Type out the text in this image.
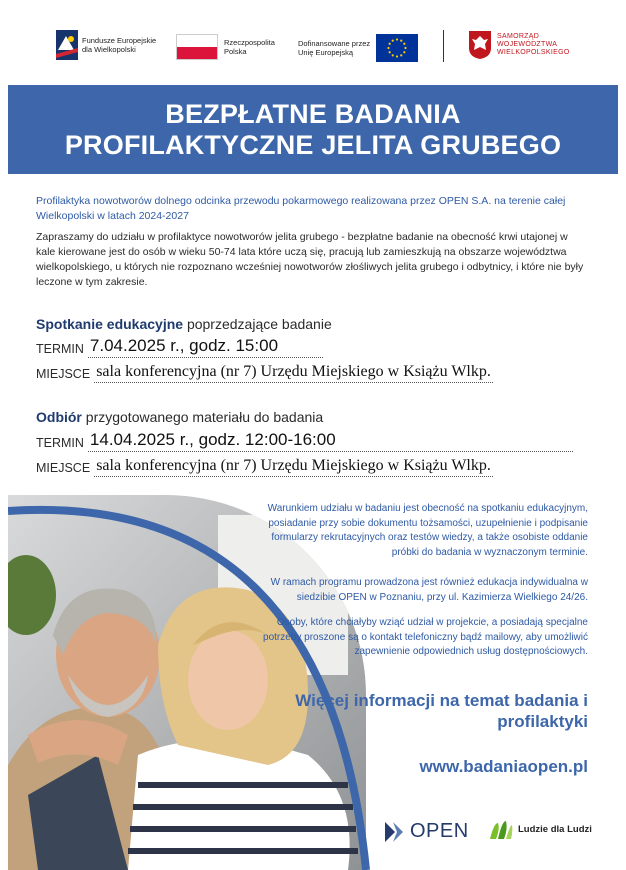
Fundusze Europejskie
dla Wielkopolski
Rzeczpospolita
Polska
Dofinansowane przez
Unię Europejską
SAMORZĄD
WOJEWÓDZTWA
WIELKOPOLSKIEGO
BEZPŁATNE BADANIA
PROFILAKTYCZNE JELITA GRUBEGO

Profilaktyka nowotworów dolnego odcinka przewodu pokarmowego realizowana przez OPEN S.A. na terenie całej Wielkopolski w latach 2024-2027

Zapraszamy do udziału w profilaktyce nowotworów jelita grubego - bezpłatne badanie na obecność krwi utajonej w kale kierowane jest do osób w wieku 50-74 lata które uczą się, pracują lub zamieszkują na obszarze województwa wielkopolskiego, u których nie rozpoznano wcześniej nowotworów złośliwych jelita grubego i odbytnicy, i które nie były leczone w tym zakresie.

Spotkanie edukacyjne poprzedzające badanie
TERMIN 7.04.2025 r., godz. 15:00
MIEJSCE sala konferencyjna (nr 7) Urzędu Miejskiego w Książu Wlkp.
Odbiór przygotowanego materiału do badania
TERMIN 14.04.2025 r., godz. 12:00-16:00
MIEJSCE sala konferencyjna (nr 7) Urzędu Miejskiego w Książu Wlkp.
Warunkiem udziału w badaniu jest obecność na spotkaniu edukacyjnym, posiadanie przy sobie dokumentu tożsamości, uzupełnienie i podpisanie formularzy rekrutacyjnych oraz testów wiedzy, a także osobiste oddanie próbki do badania w wyznaczonym terminie.
W ramach programu prowadzona jest również edukacja indywidualna w siedzibie OPEN w Poznaniu, przy ul. Kazimierza Wielkiego 24/26.
Osoby, które chciałyby wziąć udział w projekcie, a posiadają specjalne potrzeby proszone są o kontakt telefoniczny bądź mailowy, aby umożliwić zapewnienie odpowiednich usług dostępnościowych.
Więcej informacji na temat badania i profilaktyki
www.badaniaopen.pl
OPEN	Ludzie dla Ludzi
